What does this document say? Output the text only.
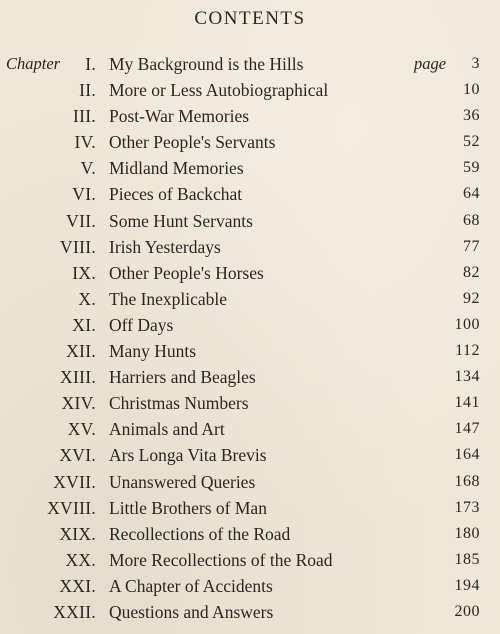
CONTENTS
Chapter I. My Background is the Hills	page 3
II. More or Less Autobiographical	10
III. Post-War Memories	36
IV. Other People's Servants	52
V. Midland Memories	59
VI. Pieces of Backchat	64
VII. Some Hunt Servants	68
VIII. Irish Yesterdays	77
IX. Other People's Horses	82
X. The Inexplicable	92
XI. Off Days	100
XII. Many Hunts	112
XIII. Harriers and Beagles	134
XIV. Christmas Numbers	141
XV. Animals and Art	147
XVI. Ars Longa Vita Brevis	164
XVII. Unanswered Queries	168
XVIII. Little Brothers of Man	173
XIX. Recollections of the Road	180
XX. More Recollections of the Road	185
XXI. A Chapter of Accidents	194
XXII. Questions and Answers	200
